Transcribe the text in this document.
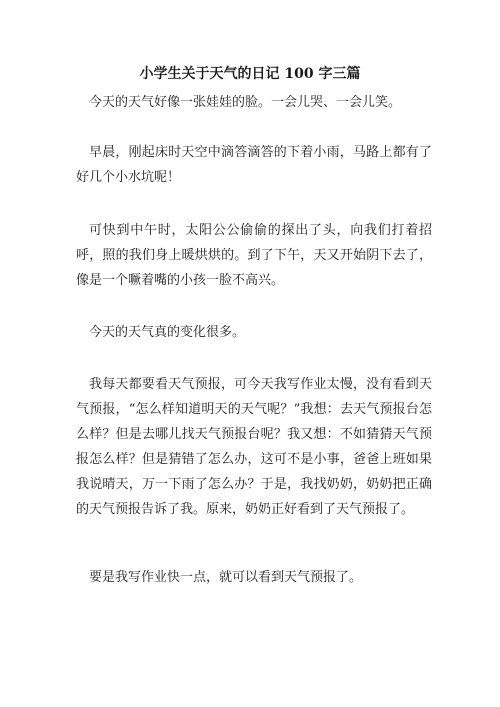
小学生关于天气的日记 100 字三篇

今天的天气好像一张娃娃的脸。一会儿哭、一会儿笑。

早晨，刚起床时天空中滴答滴答的下着小雨，马路上都有了好几个小水坑呢！

可快到中午时，太阳公公偷偷的探出了头，向我们打着招呼，照的我们身上暖烘烘的。到了下午，天又开始阴下去了，像是一个噘着嘴的小孩一脸不高兴。

今天的天气真的变化很多。

我每天都要看天气预报，可今天我写作业太慢，没有看到天气预报，“怎么样知道明天的天气呢？”我想：去天气预报台怎么样？但是去哪儿找天气预报台呢？我又想：不如猜猜天气预报怎么样？但是猜错了怎么办，这可不是小事，爸爸上班如果我说晴天，万一下雨了怎么办？于是，我找奶奶，奶奶把正确的天气预报告诉了我。原来，奶奶正好看到了天气预报了。

要是我写作业快一点，就可以看到天气预报了。
